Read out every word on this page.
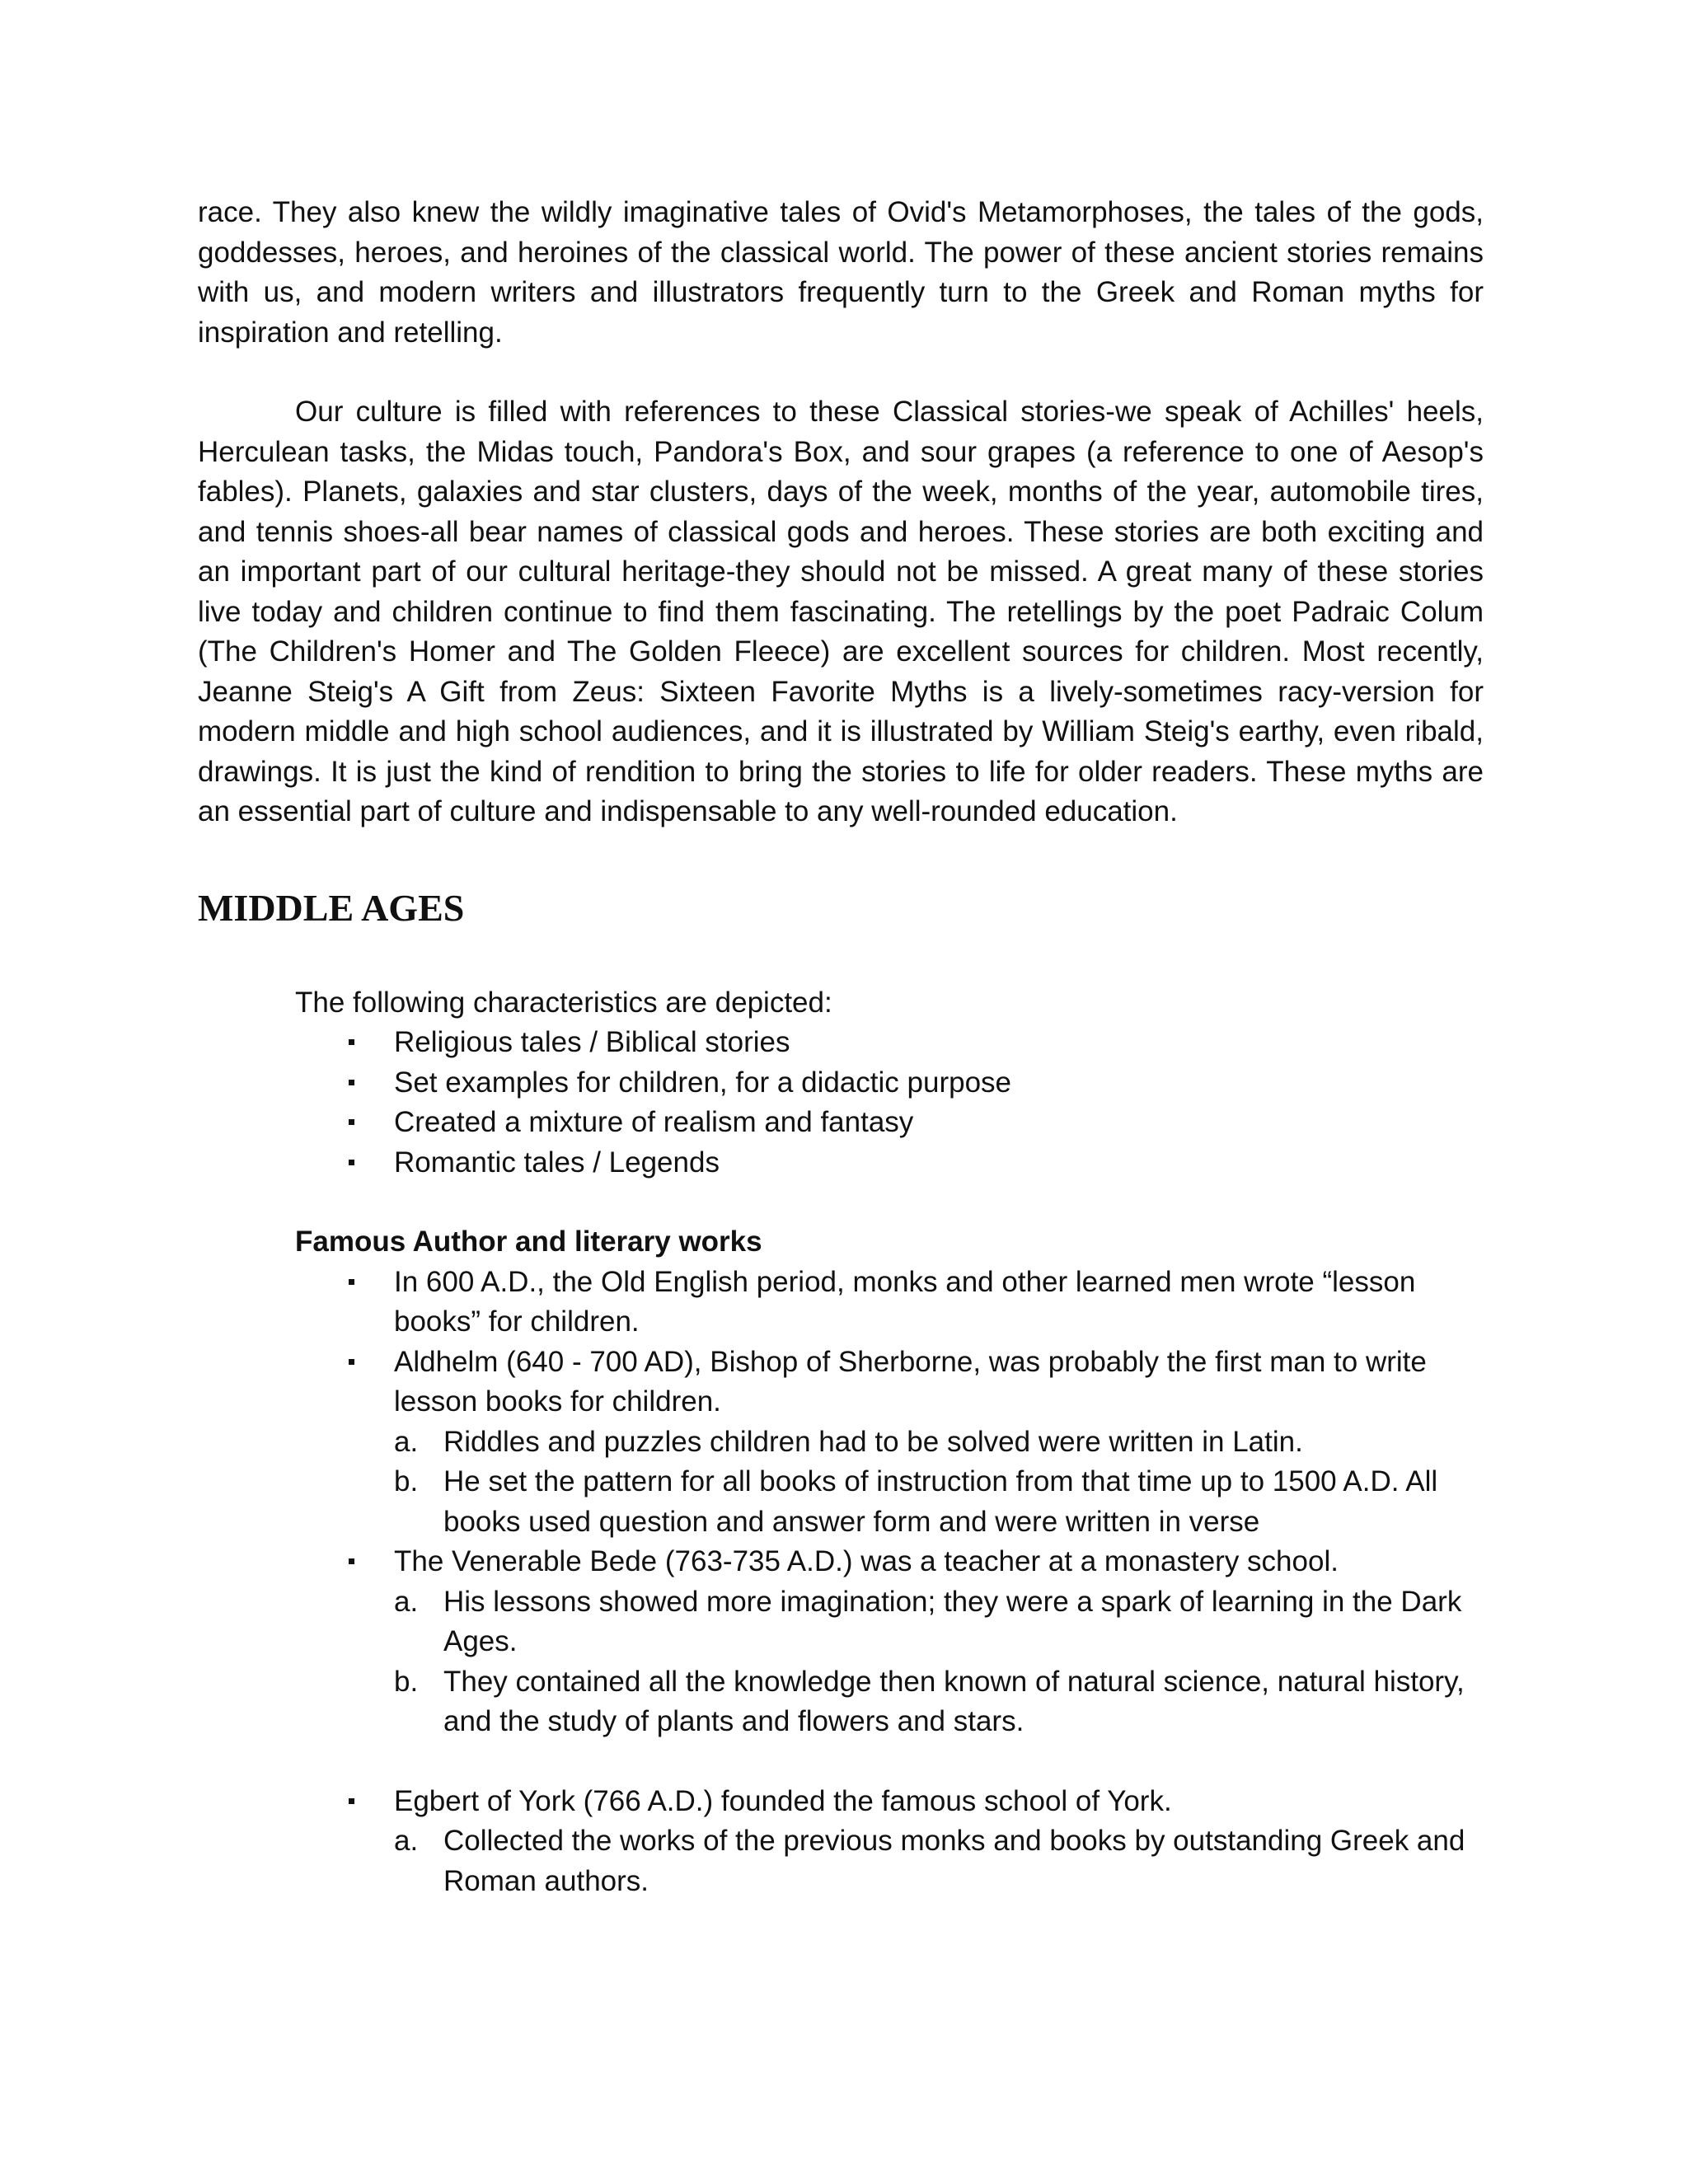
race. They also knew the wildly imaginative tales of Ovid's Metamorphoses, the tales of the gods, goddesses, heroes, and heroines of the classical world. The power of these ancient stories remains with us, and modern writers and illustrators frequently turn to the Greek and Roman myths for inspiration and retelling.

Our culture is filled with references to these Classical stories-we speak of Achilles' heels, Herculean tasks, the Midas touch, Pandora's Box, and sour grapes (a reference to one of Aesop's fables). Planets, galaxies and star clusters, days of the week, months of the year, automobile tires, and tennis shoes-all bear names of classical gods and heroes. These stories are both exciting and an important part of our cultural heritage-they should not be missed. A great many of these stories live today and children continue to find them fascinating. The retellings by the poet Padraic Colum (The Children's Homer and The Golden Fleece) are excellent sources for children. Most recently, Jeanne Steig's A Gift from Zeus: Sixteen Favorite Myths is a lively-sometimes racy-version for modern middle and high school audiences, and it is illustrated by William Steig's earthy, even ribald, drawings. It is just the kind of rendition to bring the stories to life for older readers. These myths are an essential part of culture and indispensable to any well-rounded education.

MIDDLE AGES
The following characteristics are depicted:
Religious tales / Biblical stories
Set examples for children, for a didactic purpose
Created a mixture of realism and fantasy
Romantic tales / Legends
Famous Author and literary works
In 600 A.D., the Old English period, monks and other learned men wrote “lesson books” for children.
Aldhelm (640 - 700 AD), Bishop of Sherborne, was probably the first man to write lesson books for children.
a. Riddles and puzzles children had to be solved were written in Latin.
b. He set the pattern for all books of instruction from that time up to 1500 A.D. All books used question and answer form and were written in verse
The Venerable Bede (763-735 A.D.) was a teacher at a monastery school.
a. His lessons showed more imagination; they were a spark of learning in the Dark Ages.
b. They contained all the knowledge then known of natural science, natural history, and the study of plants and flowers and stars.
Egbert of York (766 A.D.) founded the famous school of York.
a. Collected the works of the previous monks and books by outstanding Greek and Roman authors.
